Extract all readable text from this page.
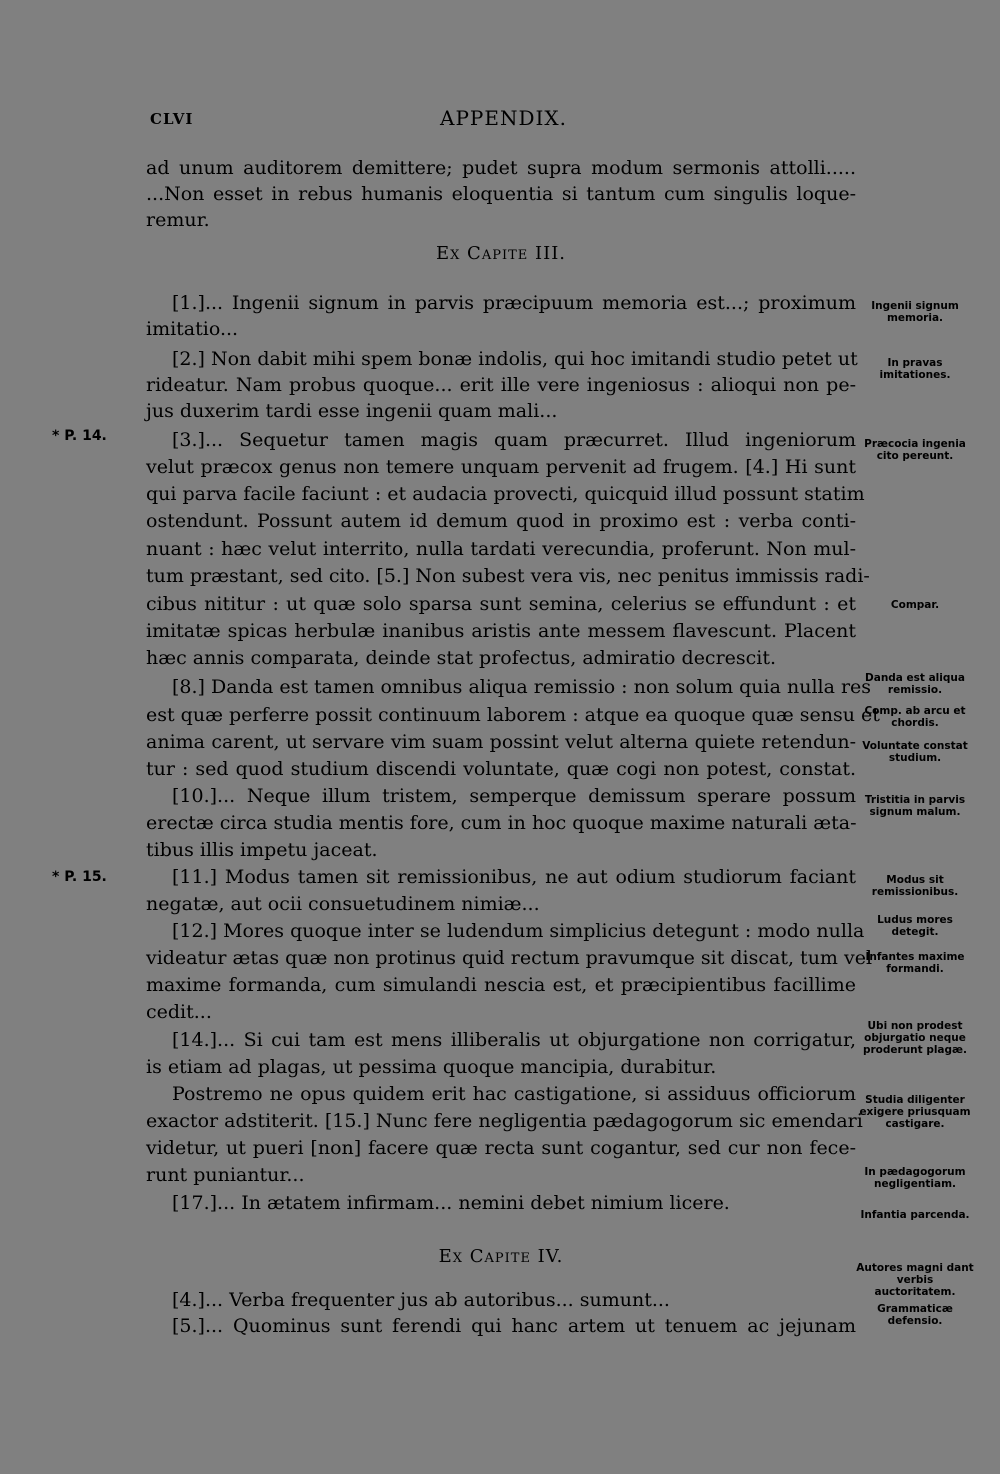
CLVI	APPENDIX.
ad unum auditorem demittere; pudet supra modum sermonis attolli.....
...Non esset in rebus humanis eloquentia si tantum cum singulis loque-
remur.
Ex Capite III.
[1.]... Ingenii signum in parvis præcipuum memoria est...; proximum
imitatio...
[2.] Non dabit mihi spem bonæ indolis, qui hoc imitandi studio petet ut
rideatur. Nam probus quoque... erit ille vere ingeniosus : alioqui non pe-
jus duxerim tardi esse ingenii quam mali...
[3.]... Sequetur tamen magis quam præcurret. Illud ingeniorum
velut præcox genus non temere unquam pervenit ad frugem. [4.] Hi sunt
qui parva facile faciunt : et audacia provecti, quicquid illud possunt statim
ostendunt. Possunt autem id demum quod in proximo est : verba conti-
nuant : hæc velut interrito, nulla tardati verecundia, proferunt. Non mul-
tum præstant, sed cito. [5.] Non subest vera vis, nec penitus immissis radi-
cibus nititur : ut quæ solo sparsa sunt semina, celerius se effundunt : et
imitatæ spicas herbulæ inanibus aristis ante messem flavescunt. Placent
hæc annis comparata, deinde stat profectus, admiratio decrescit.
[8.] Danda est tamen omnibus aliqua remissio : non solum quia nulla res
est quæ perferre possit continuum laborem : atque ea quoque quæ sensu et
anima carent, ut servare vim suam possint velut alterna quiete retendun-
tur : sed quod studium discendi voluntate, quæ cogi non potest, constat.
[10.]... Neque illum tristem, semperque demissum sperare possum
erectæ circa studia mentis fore, cum in hoc quoque maxime naturali æta-
tibus illis impetu jaceat.
[11.] Modus tamen sit remissionibus, ne aut odium studiorum faciant
negatæ, aut ocii consuetudinem nimiæ...
[12.] Mores quoque inter se ludendum simplicius detegunt : modo nulla
videatur ætas quæ non protinus quid rectum pravumque sit discat, tum vel
maxime formanda, cum simulandi nescia est, et præcipientibus facillime
cedit...
[14.]... Si cui tam est mens illiberalis ut objurgatione non corrigatur,
is etiam ad plagas, ut pessima quoque mancipia, durabitur.
Postremo ne opus quidem erit hac castigatione, si assiduus officiorum
exactor adstiterit. [15.] Nunc fere negligentia pædagogorum sic emendari
videtur, ut pueri [non] facere quæ recta sunt cogantur, sed cur non fece-
runt puniantur...
[17.]... In ætatem infirmam... nemini debet nimium licere.
Ex Capite IV.
[4.]... Verba frequenter jus ab autoribus... sumunt...
[5.]... Quominus sunt ferendi qui hanc artem ut tenuem ac jejunam
* P. 14.
* P. 15.
Ingenii signum memoria.
In pravas imitationes.
Præcocia ingenia cito pereunt.
Compar.
Danda est aliqua remissio.
Comp. ab arcu et chordis.
Voluntate constat studium.
Tristitia in parvis signum malum.
Modus sit remissionibus.
Ludus mores detegit.
Infantes maxime formandi.
Ubi non prodest objurgatio neque proderunt plagæ.
Studia diligenter exigere priusquam castigare.
In pædagogorum negligentiam.
Infantia parcenda.
Autores magni dant verbis auctoritatem.
Grammaticæ defensio.
